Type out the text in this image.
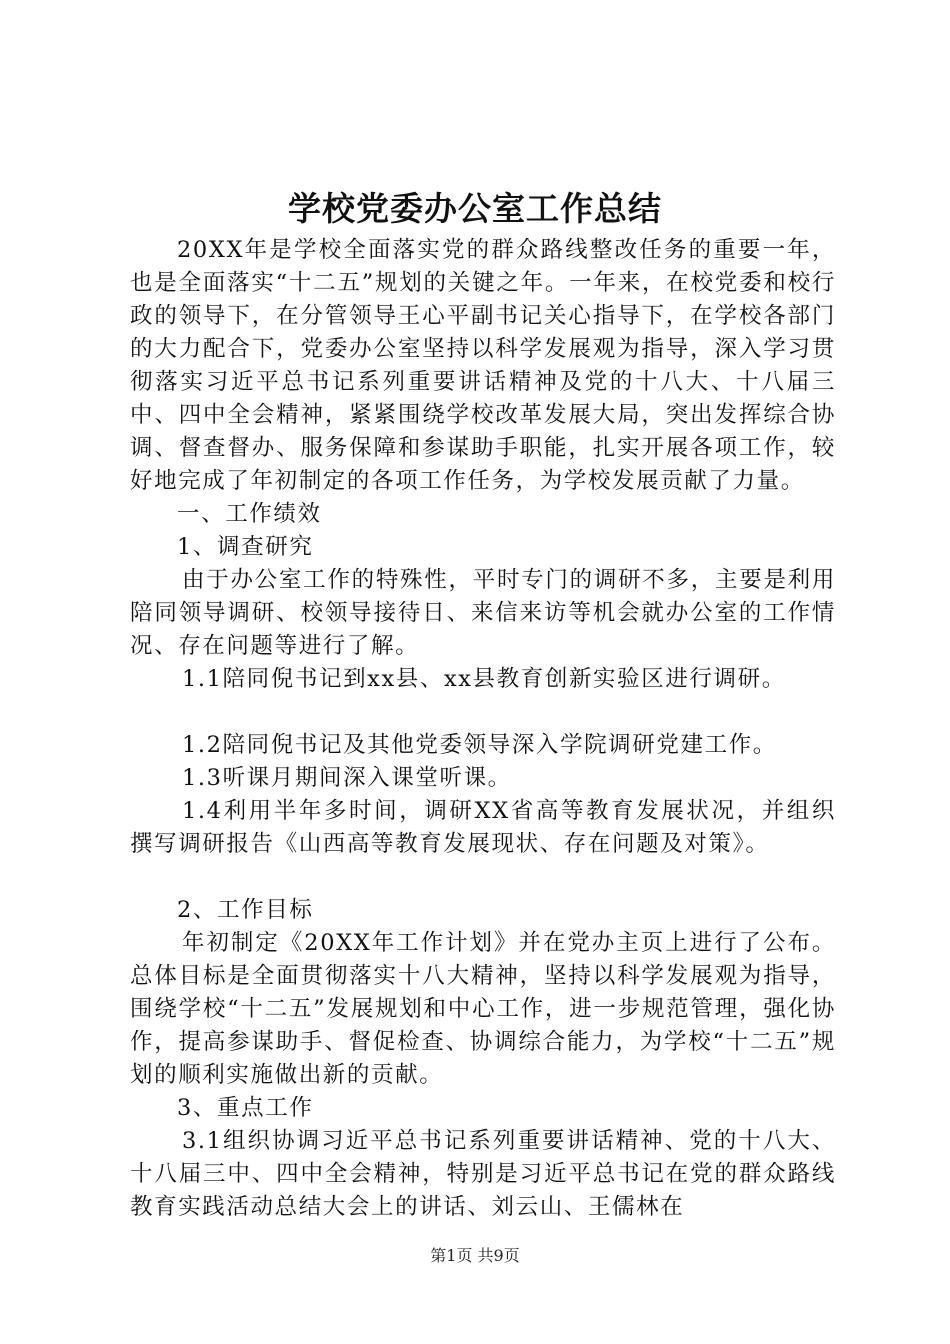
学校党委办公室工作总结

20XX年是学校全面落实党的群众路线整改任务的重要一年，也是全面落实“十二五”规划的关键之年。一年来，在校党委和校行政的领导下，在分管领导王心平副书记关心指导下，在学校各部门的大力配合下，党委办公室坚持以科学发展观为指导，深入学习贯彻落实习近平总书记系列重要讲话精神及党的十八大、十八届三中、四中全会精神，紧紧围绕学校改革发展大局，突出发挥综合协调、督查督办、服务保障和参谋助手职能，扎实开展各项工作，较好地完成了年初制定的各项工作任务，为学校发展贡献了力量。

一、工作绩效

1、调查研究

由于办公室工作的特殊性，平时专门的调研不多，主要是利用陪同领导调研、校领导接待日、来信来访等机会就办公室的工作情况、存在问题等进行了解。

1.1陪同倪书记到xx县、xx县教育创新实验区进行调研。

1.2陪同倪书记及其他党委领导深入学院调研党建工作。

1.3听课月期间深入课堂听课。

1.4利用半年多时间，调研XX省高等教育发展状况，并组织撰写调研报告《山西高等教育发展现状、存在问题及对策》。

2、工作目标

年初制定《20XX年工作计划》并在党办主页上进行了公布。总体目标是全面贯彻落实十八大精神，坚持以科学发展观为指导，围绕学校“十二五”发展规划和中心工作，进一步规范管理，强化协作，提高参谋助手、督促检查、协调综合能力，为学校“十二五”规划的顺利实施做出新的贡献。

3、重点工作

3.1组织协调习近平总书记系列重要讲话精神、党的十八大、十八届三中、四中全会精神，特别是习近平总书记在党的群众路线教育实践活动总结大会上的讲话、刘云山、王儒林在

第1页 共9页
